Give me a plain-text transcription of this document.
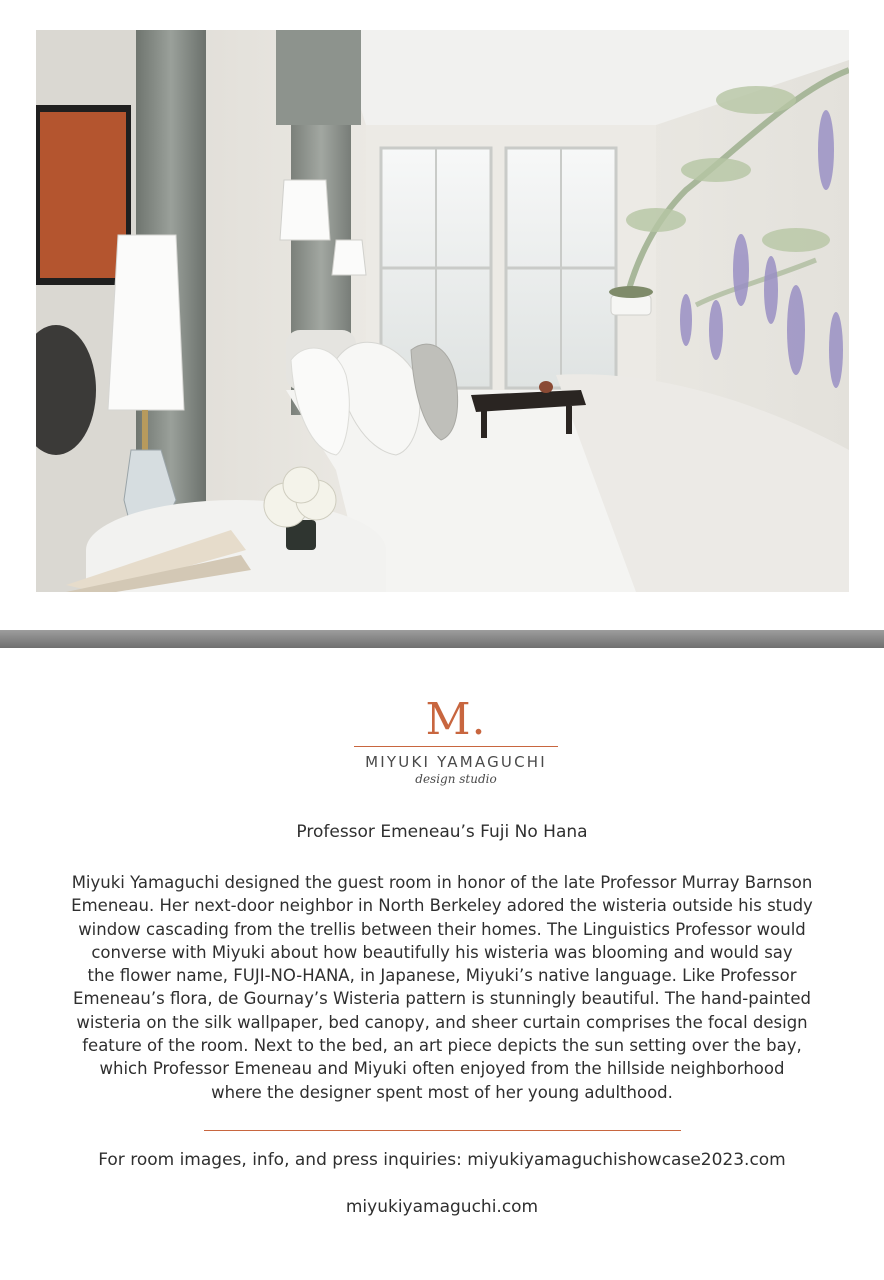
M.
MIYUKI YAMAGUCHI
design studio
Professor Emeneau’s Fuji No Hana
Miyuki Yamaguchi designed the guest room in honor of the late Professor Murray Barnson
Emeneau. Her next-door neighbor in North Berkeley adored the wisteria outside his study
window cascading from the trellis between their homes. The Linguistics Professor would
converse with Miyuki about how beautifully his wisteria was blooming and would say
the flower name, FUJI-NO-HANA, in Japanese, Miyuki’s native language. Like Professor
Emeneau’s flora, de Gournay’s Wisteria pattern is stunningly beautiful. The hand-painted
wisteria on the silk wallpaper, bed canopy, and sheer curtain comprises the focal design
feature of the room. Next to the bed, an art piece depicts the sun setting over the bay,
which Professor Emeneau and Miyuki often enjoyed from the hillside neighborhood
where the designer spent most of her young adulthood.
For room images, info, and press inquiries: miyukiyamaguchishowcase2023.com
miyukiyamaguchi.com
